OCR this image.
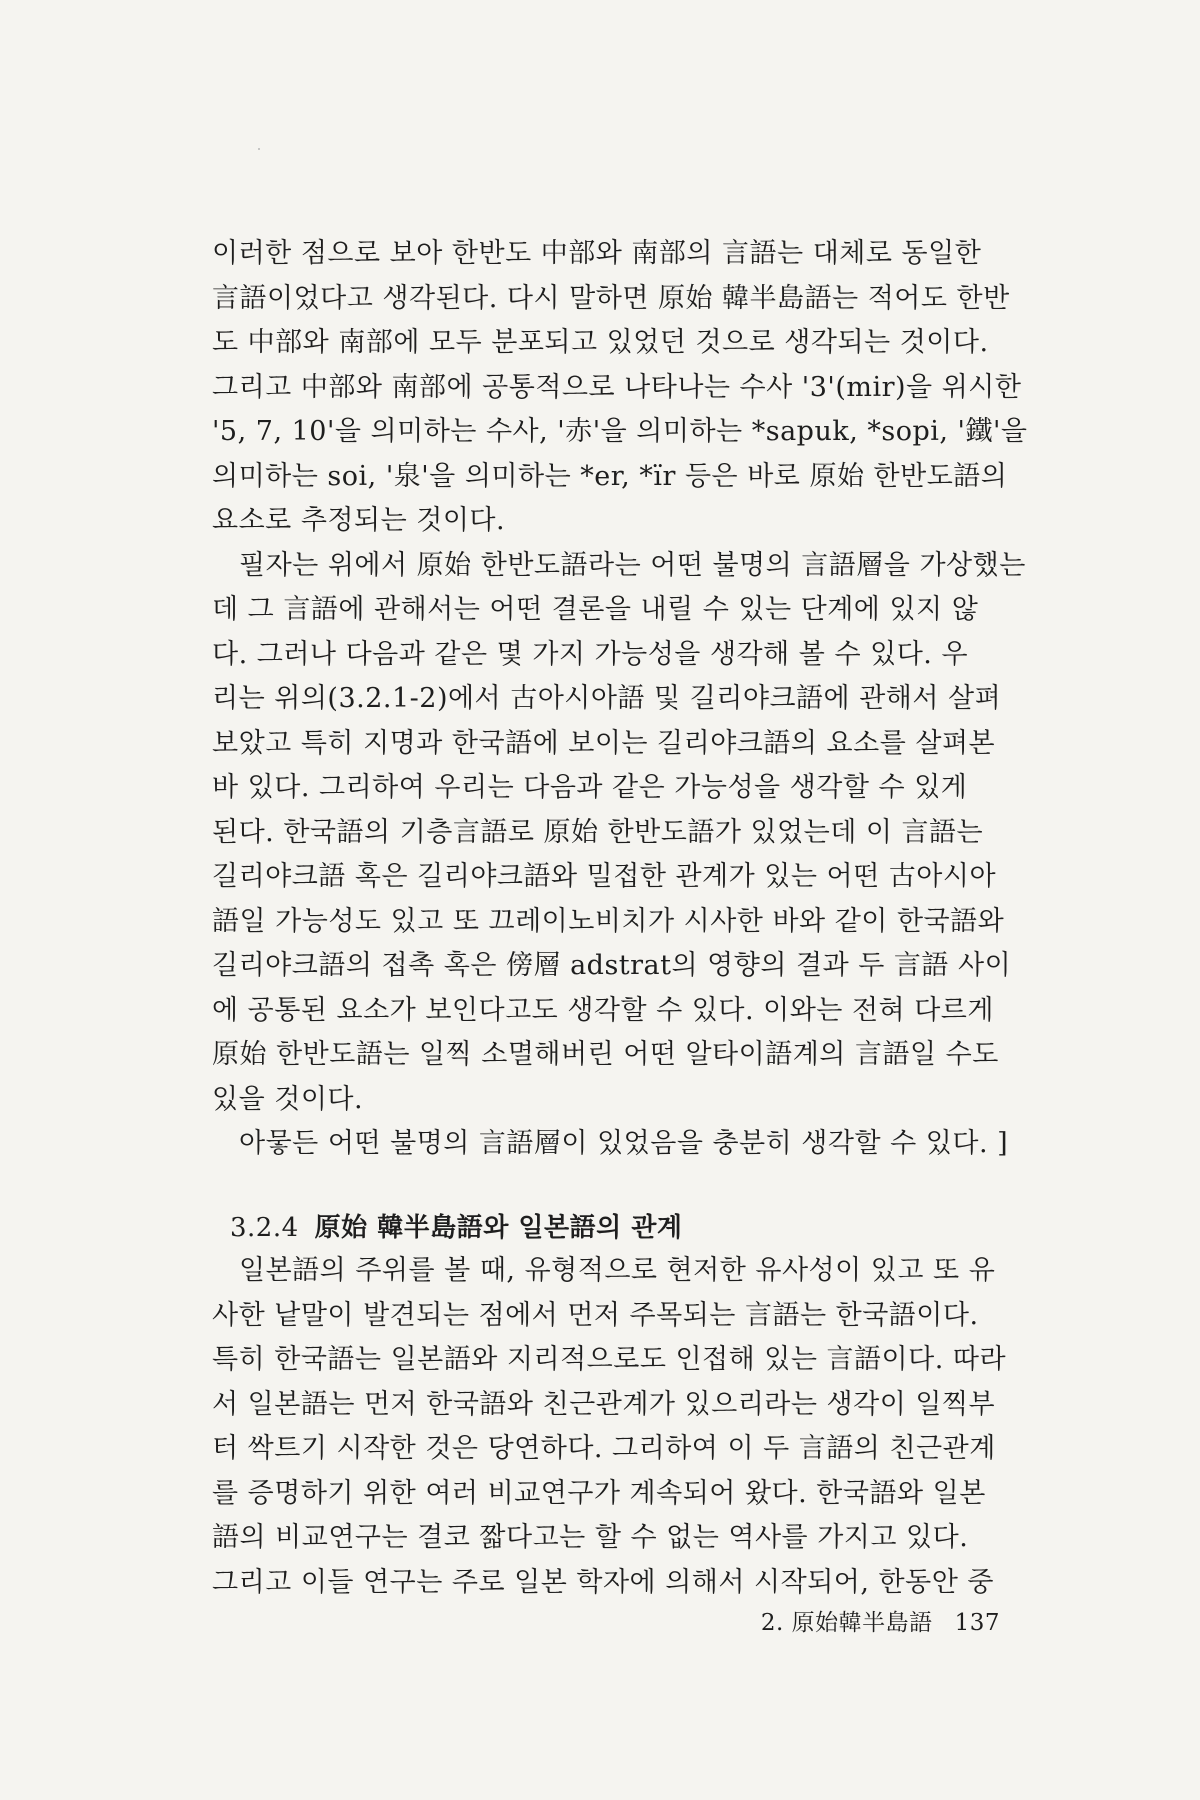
이러한 점으로 보아 한반도 中部와 南部의 言語는 대체로 동일한
言語이었다고 생각된다. 다시 말하면 原始 韓半島語는 적어도 한반
도 中部와 南部에 모두 분포되고 있었던 것으로 생각되는 것이다.
그리고 中部와 南部에 공통적으로 나타나는 수사 '3'(mir)을 위시한
'5, 7, 10'을 의미하는 수사, '赤'을 의미하는 *sapuk, *sopi, '鐵'을
의미하는 soi, '泉'을 의미하는 *er, *ïr 등은 바로 原始 한반도語의
요소로 추정되는 것이다.

필자는 위에서 原始 한반도語라는 어떤 불명의 言語層을 가상했는
데 그 言語에 관해서는 어떤 결론을 내릴 수 있는 단계에 있지 않
다. 그러나 다음과 같은 몇 가지 가능성을 생각해 볼 수 있다. 우
리는 위의(3.2.1-2)에서 古아시아語 및 길리야크語에 관해서 살펴
보았고 특히 지명과 한국語에 보이는 길리야크語의 요소를 살펴본
바 있다. 그리하여 우리는 다음과 같은 가능성을 생각할 수 있게
된다. 한국語의 기층言語로 原始 한반도語가 있었는데 이 言語는
길리야크語 혹은 길리야크語와 밀접한 관계가 있는 어떤 古아시아
語일 가능성도 있고 또 끄레이노비치가 시사한 바와 같이 한국語와
길리야크語의 접촉 혹은 傍層 adstrat의 영향의 결과 두 言語 사이
에 공통된 요소가 보인다고도 생각할 수 있다. 이와는 전혀 다르게
原始 한반도語는 일찍 소멸해버린 어떤 알타이語계의 言語일 수도
있을 것이다.

아뭏든 어떤 불명의 言語層이 있었음을 충분히 생각할 수 있다. ]

3.2.4 原始 韓半島語와 일본語의 관계

일본語의 주위를 볼 때, 유형적으로 현저한 유사성이 있고 또 유
사한 낱말이 발견되는 점에서 먼저 주목되는 言語는 한국語이다.
특히 한국語는 일본語와 지리적으로도 인접해 있는 言語이다. 따라
서 일본語는 먼저 한국語와 친근관계가 있으리라는 생각이 일찍부
터 싹트기 시작한 것은 당연하다. 그리하여 이 두 言語의 친근관계
를 증명하기 위한 여러 비교연구가 계속되어 왔다. 한국語와 일본
語의 비교연구는 결코 짧다고는 할 수 없는 역사를 가지고 있다.
그리고 이들 연구는 주로 일본 학자에 의해서 시작되어, 한동안 중

2. 原始韓半島語 137
